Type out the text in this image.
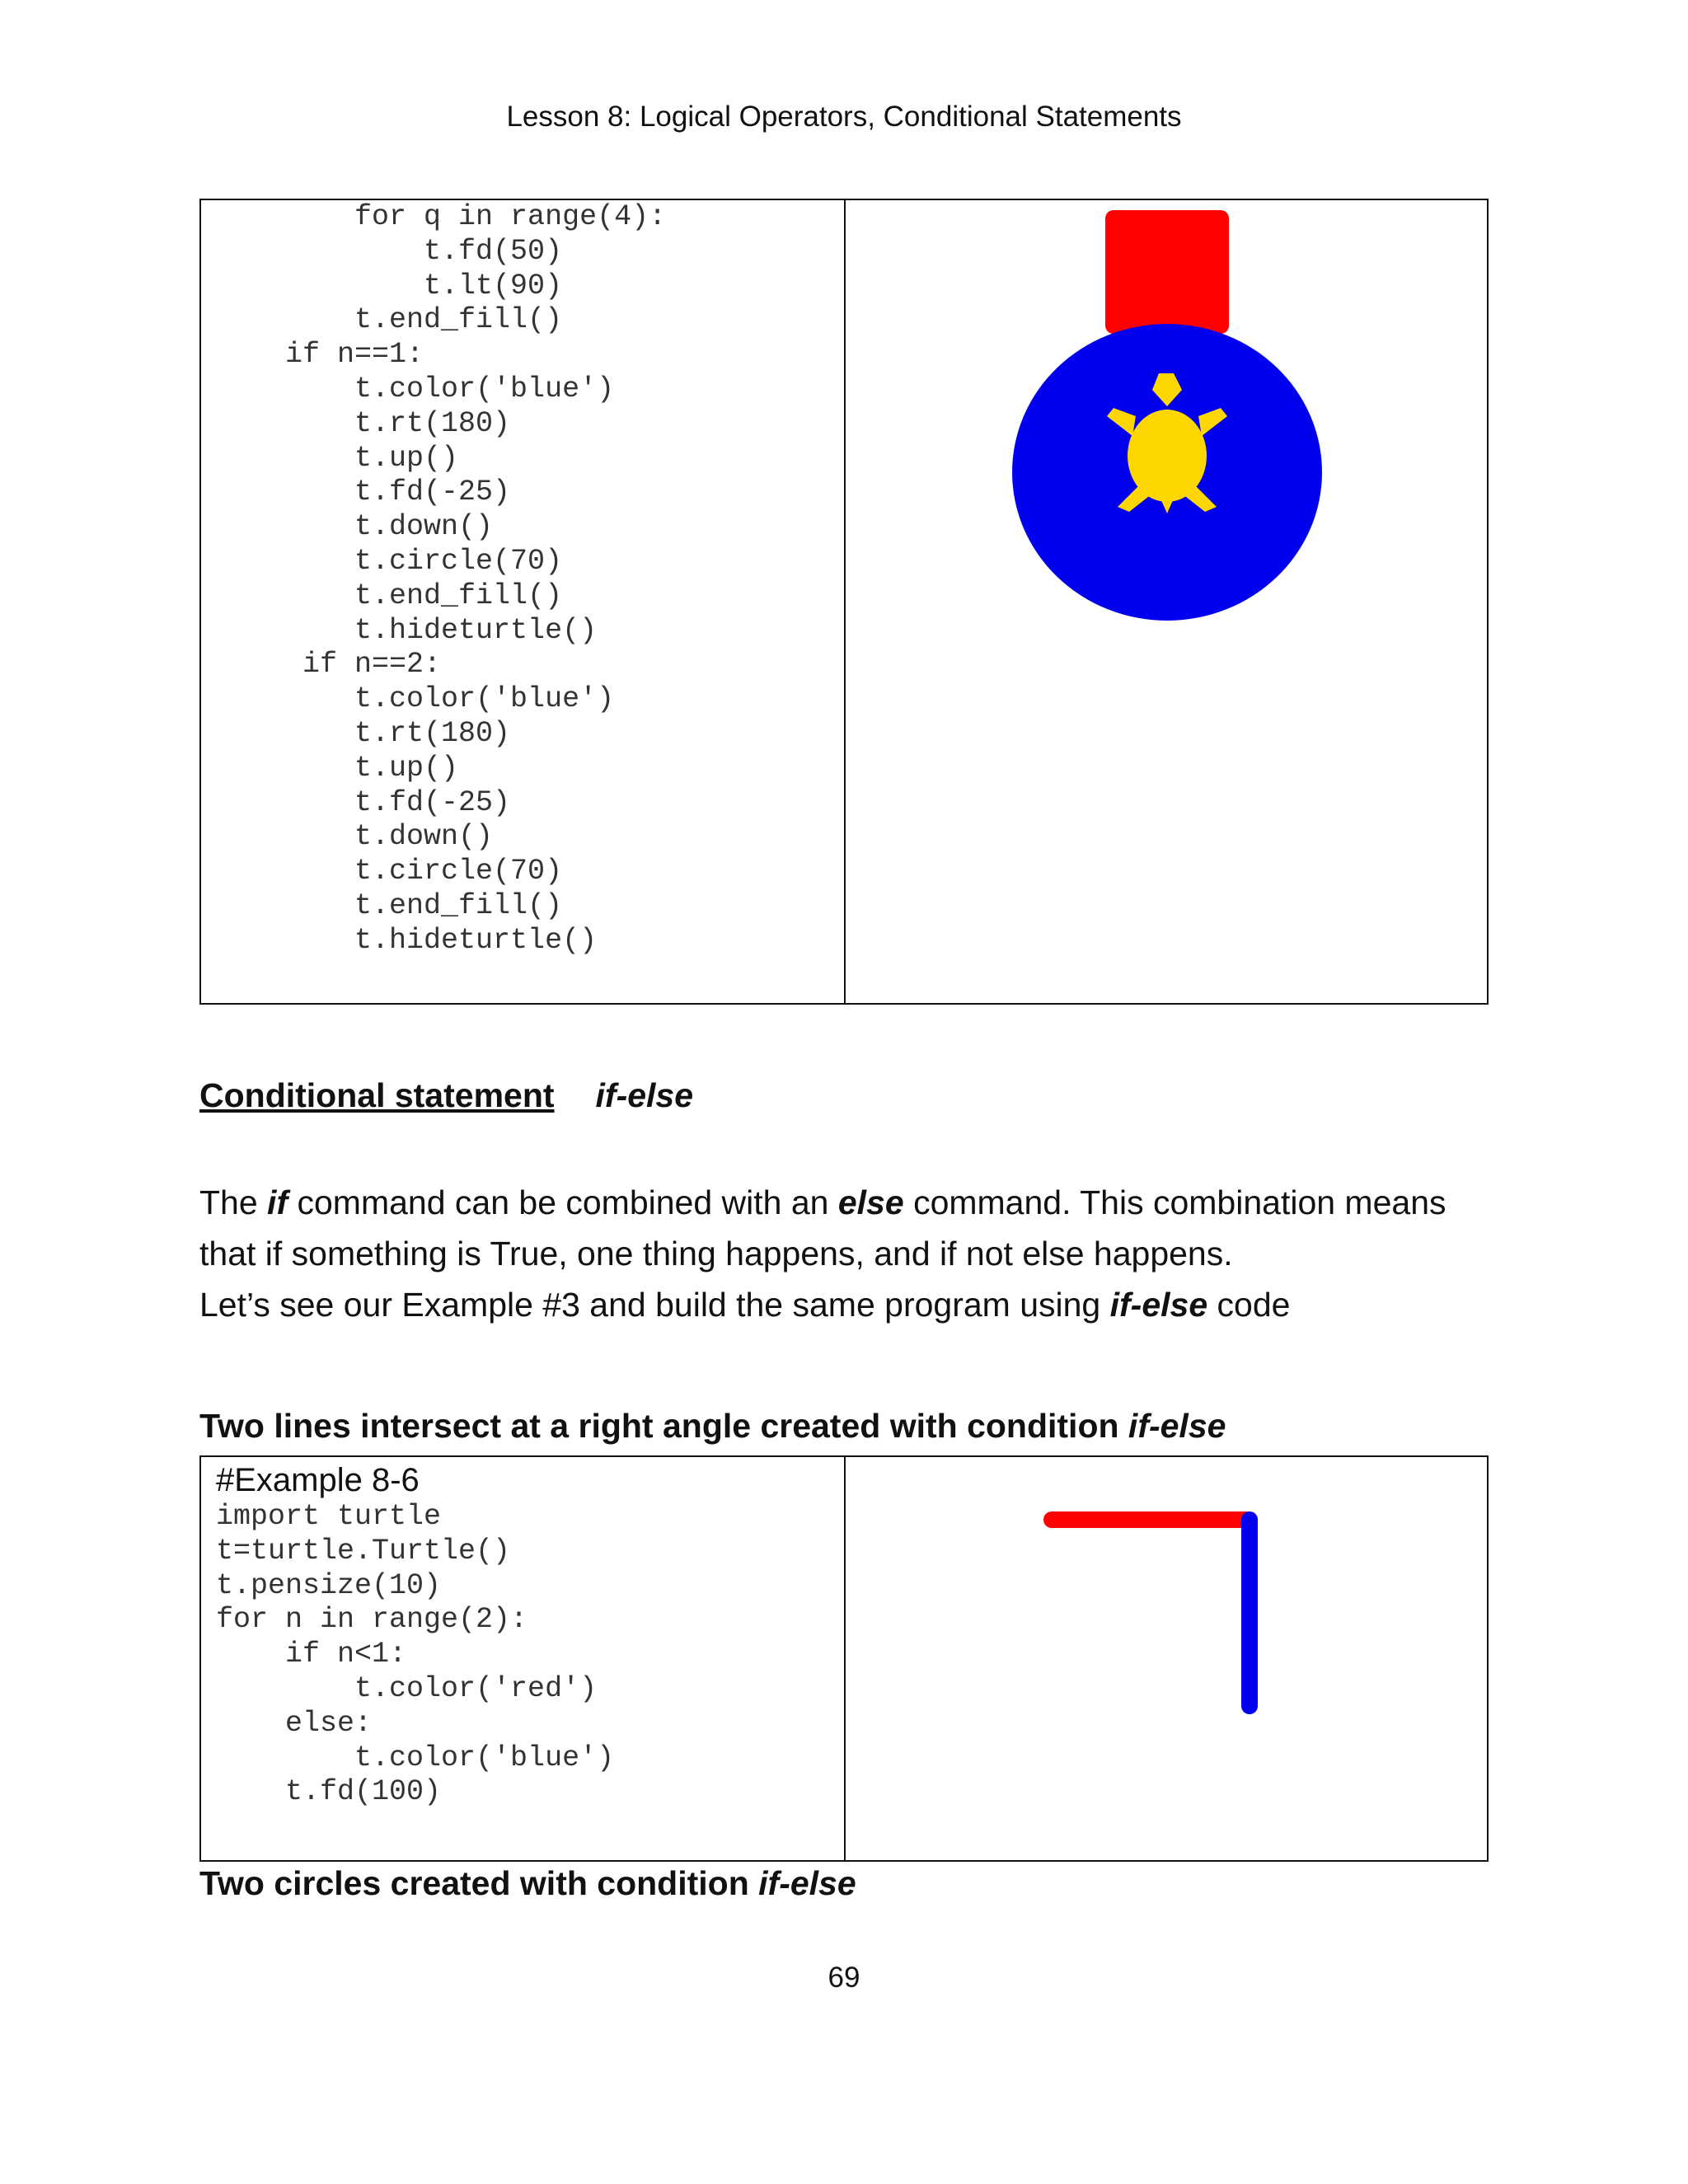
Lesson 8: Logical Operators, Conditional Statements
for q in range(4):
t.fd(50)
t.lt(90)
t.end_fill()
if n==1:
t.color('blue')
t.rt(180)
t.up()
t.fd(-25)
t.down()
t.circle(70)
t.end_fill()
t.hideturtle()
if n==2:
t.color('blue')
t.rt(180)
t.up()
t.fd(-25)
t.down()
t.circle(70)
t.end_fill()
t.hideturtle()
Conditional statement if-else
The if command can be combined with an else command. This combination means that if something is True, one thing happens, and if not else happens.
Let’s see our Example #3 and build the same program using if-else code
Two lines intersect at a right angle created with condition if-else
#Example 8-6
import turtle
t=turtle.Turtle()
t.pensize(10)
for n in range(2):
if n<1:
t.color('red')
else:
t.color('blue')
t.fd(100)
Two circles created with condition if-else
69
